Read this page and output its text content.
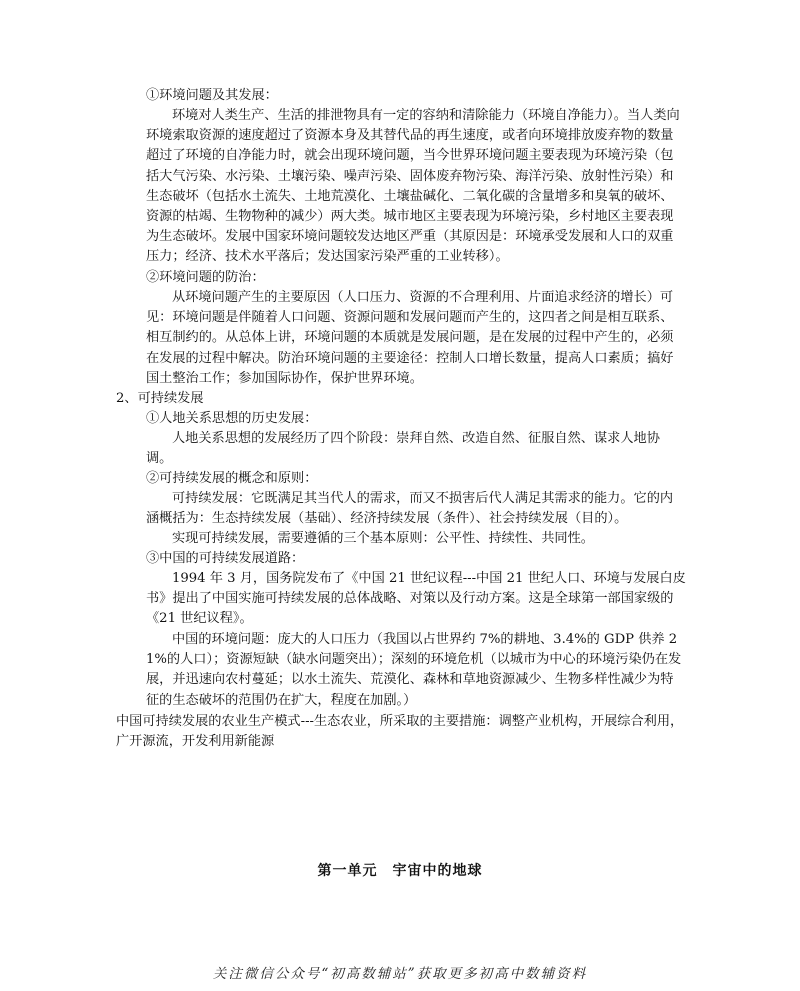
①环境问题及其发展：

环境对人类生产、生活的排泄物具有一定的容纳和清除能力（环境自净能力）。当人类向环境索取资源的速度超过了资源本身及其替代品的再生速度，或者向环境排放废弃物的数量超过了环境的自净能力时，就会出现环境问题，当今世界环境问题主要表现为环境污染（包括大气污染、水污染、土壤污染、噪声污染、固体废弃物污染、海洋污染、放射性污染）和生态破坏（包括水土流失、土地荒漠化、土壤盐碱化、二氧化碳的含量增多和臭氧的破坏、资源的枯竭、生物物种的减少）两大类。城市地区主要表现为环境污染，乡村地区主要表现为生态破坏。发展中国家环境问题较发达地区严重（其原因是：环境承受发展和人口的双重压力；经济、技术水平落后；发达国家污染严重的工业转移）。

②环境问题的防治：

从环境问题产生的主要原因（人口压力、资源的不合理利用、片面追求经济的增长）可见：环境问题是伴随着人口问题、资源问题和发展问题而产生的，这四者之间是相互联系、相互制约的。从总体上讲，环境问题的本质就是发展问题，是在发展的过程中产生的，必须在发展的过程中解决。防治环境问题的主要途径：控制人口增长数量，提高人口素质；搞好国土整治工作；参加国际协作，保护世界环境。

2、可持续发展

①人地关系思想的历史发展：

人地关系思想的发展经历了四个阶段：崇拜自然、改造自然、征服自然、谋求人地协调。

②可持续发展的概念和原则：

可持续发展：它既满足其当代人的需求，而又不损害后代人满足其需求的能力。它的内涵概括为：生态持续发展（基础）、经济持续发展（条件）、社会持续发展（目的）。

实现可持续发展，需要遵循的三个基本原则：公平性、持续性、共同性。

③中国的可持续发展道路：

1994 年 3 月，国务院发布了《中国 21 世纪议程---中国 21 世纪人口、环境与发展白皮书》提出了中国实施可持续发展的总体战略、对策以及行动方案。这是全球第一部国家级的《21 世纪议程》。

中国的环境问题：庞大的人口压力（我国以占世界约 7%的耕地、3.4%的 GDP 供养 21%的人口）；资源短缺（缺水问题突出）；深刻的环境危机（以城市为中心的环境污染仍在发展，并迅速向农村蔓延；以水土流失、荒漠化、森林和草地资源减少、生物多样性减少为特征的生态破坏的范围仍在扩大，程度在加剧。）

中国可持续发展的农业生产模式---生态农业，所采取的主要措施：调整产业机构，开展综合利用，广开源流，开发利用新能源

第一单元　宇宙中的地球
关注微信公众号“初高数辅站”获取更多初高中数辅资料
